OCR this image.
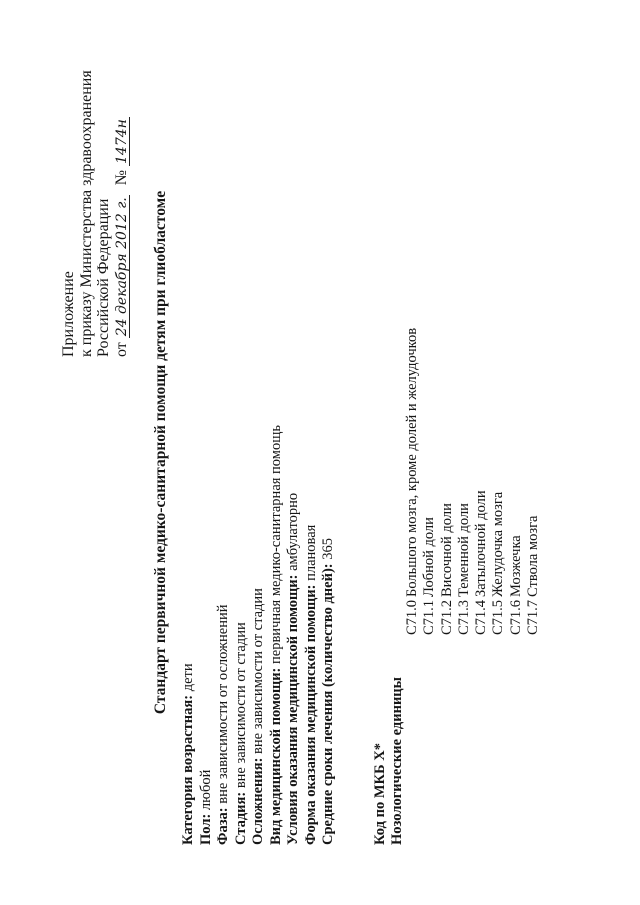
Приложение к приказу Министерства здравоохранения Российской Федерации от 24 декабря 2012 г. № 1474н
Стандарт первичной медико-санитарной помощи детям при глиобластоме
Категория возрастная: дети
Пол: любой
Фаза: вне зависимости от осложнений
Стадия: вне зависимости от стадии
Осложнения: вне зависимости от стадии Вид медицинской помощи: первичная медико-санитарная помощь
Условия оказания медицинской помощи: амбулаторно
Форма оказания медицинской помощи: плановая
Средние сроки лечения (количество дней): 365
Код по МКБ X* Нозологические единицы
C71.0Большого мозга, кроме долей и желудочков
C71.1Лобной доли
C71.2Височной доли
C71.3Теменной доли
C71.4Затылочной доли
C71.5Желудочка мозга
C71.6Мозжечка
C71.7Ствола мозга
